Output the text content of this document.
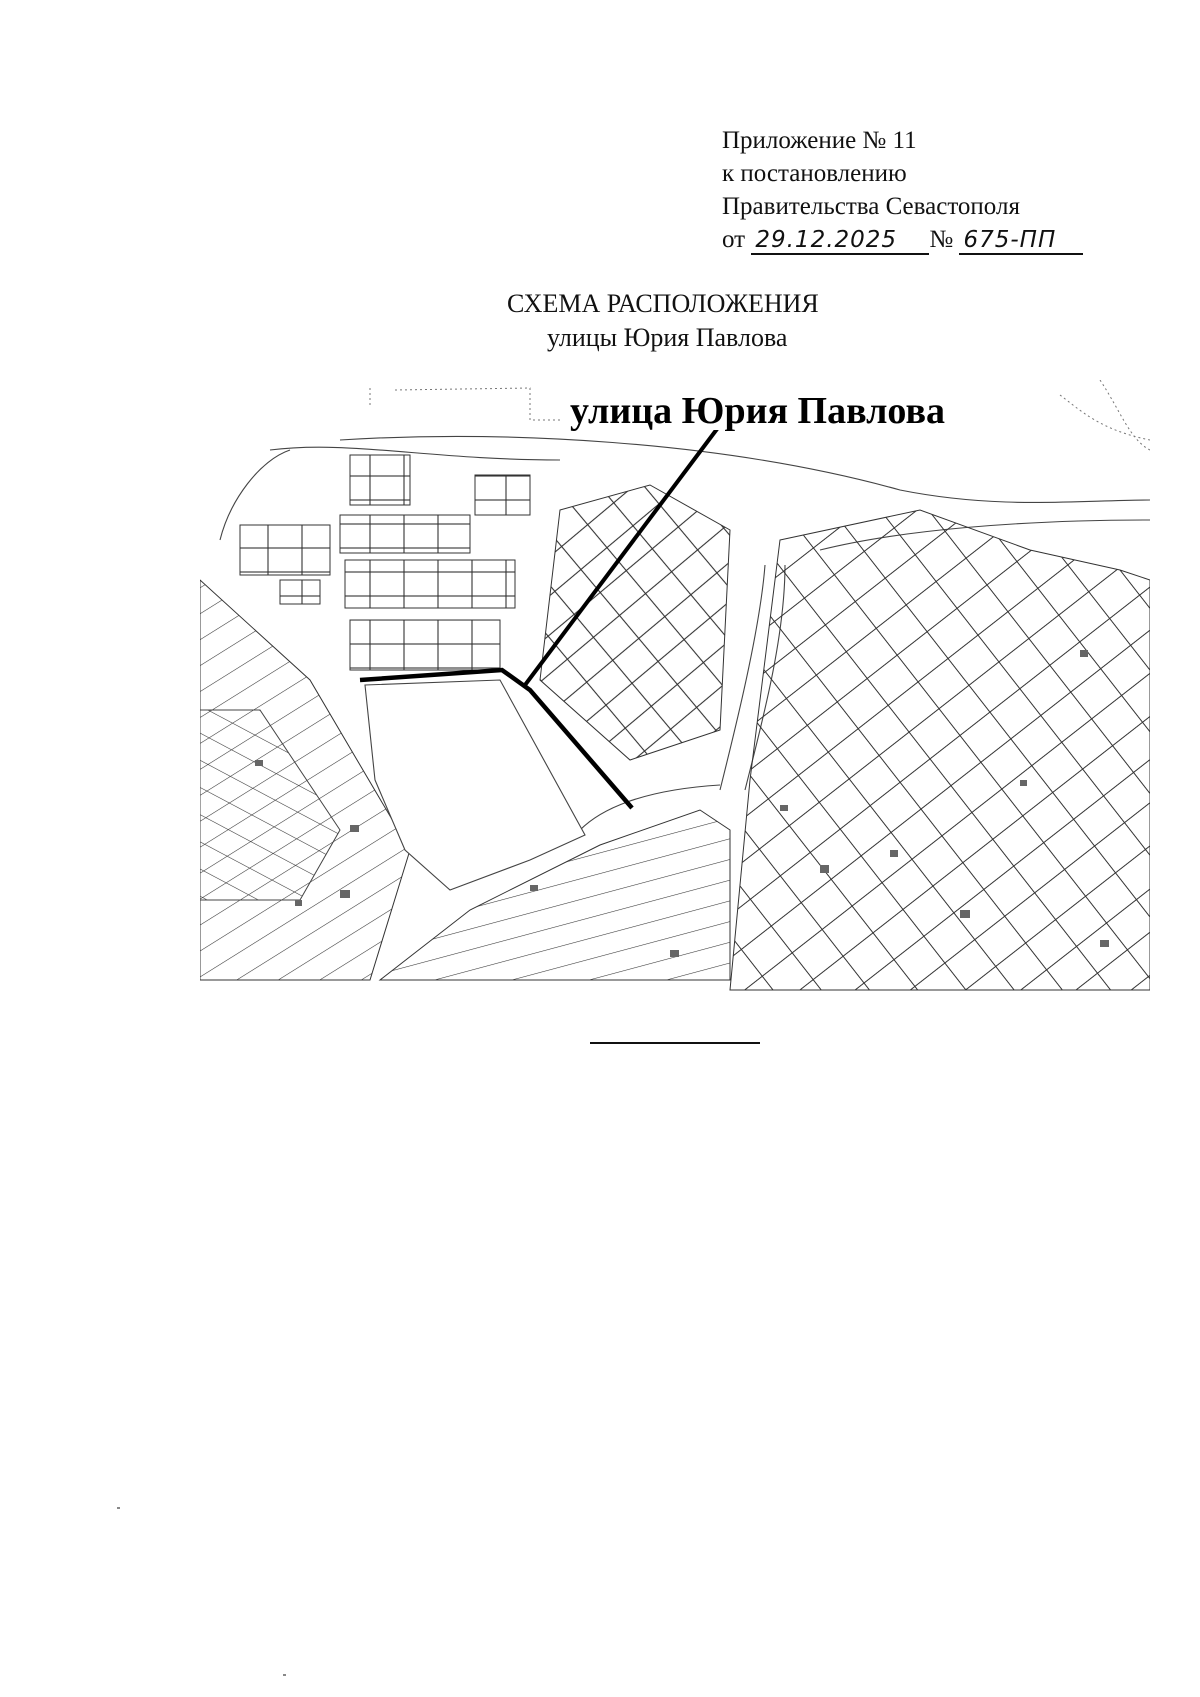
Приложение № 11
к постановлению
Правительства Севастополя
от 29.12.2025 № 675-ПП
СХЕМА РАСПОЛОЖЕНИЯ
улицы Юрия Павлова
улица Юрия Павлова
